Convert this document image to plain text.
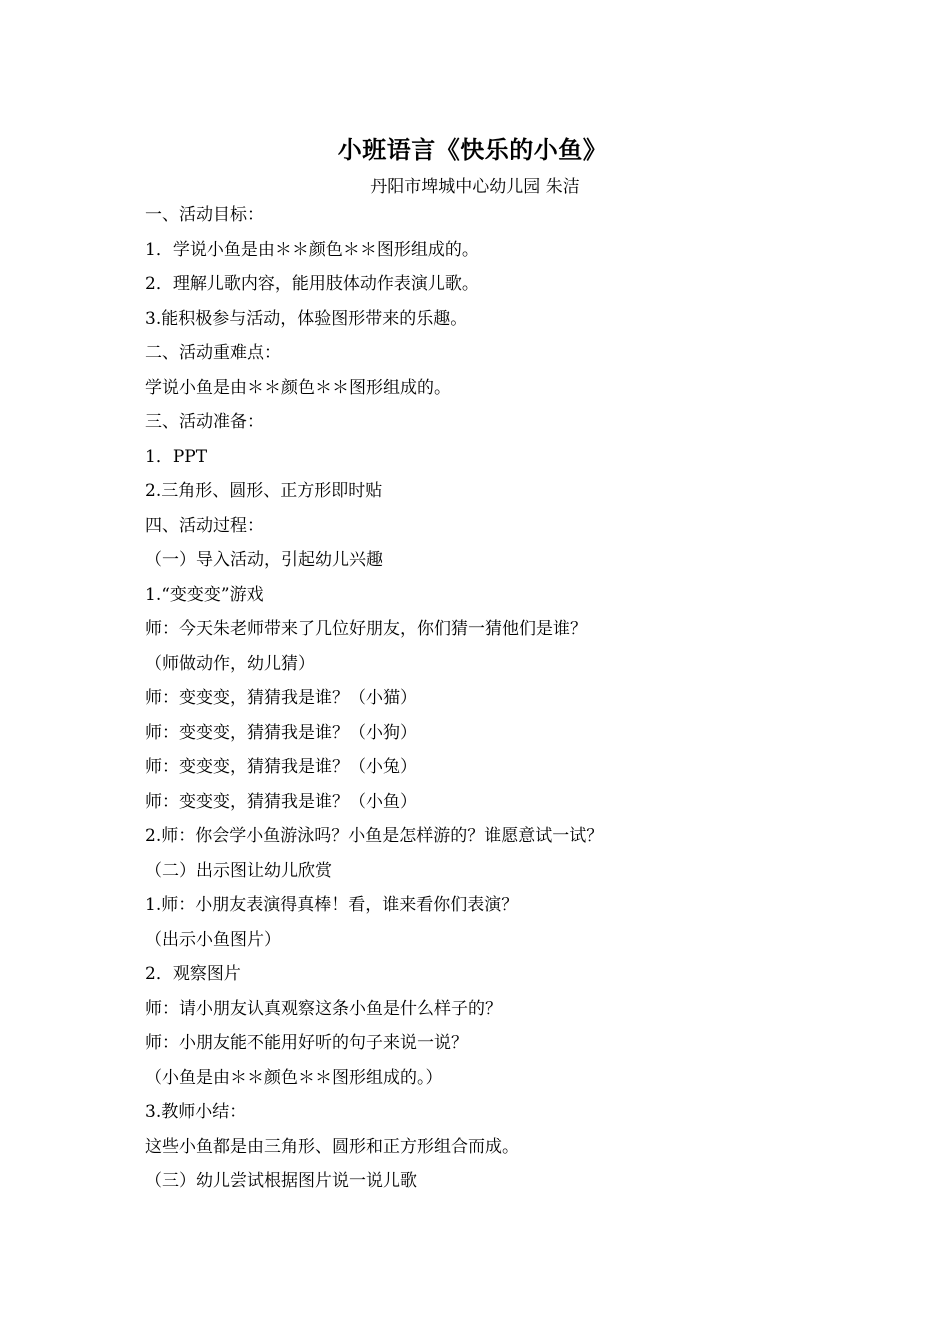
小班语言《快乐的小鱼》
丹阳市埤城中心幼儿园 朱洁
一、活动目标：
1．学说小鱼是由＊＊颜色＊＊图形组成的。
2．理解儿歌内容，能用肢体动作表演儿歌。
3.能积极参与活动，体验图形带来的乐趣。
二、活动重难点：
学说小鱼是由＊＊颜色＊＊图形组成的。
三、活动准备：
1．PPT
2.三角形、圆形、正方形即时贴
四、活动过程：
（一）导入活动，引起幼儿兴趣
1.“变变变”游戏
师：今天朱老师带来了几位好朋友，你们猜一猜他们是谁？
（师做动作，幼儿猜）
师：变变变，猜猜我是谁？（小猫）
师：变变变，猜猜我是谁？（小狗）
师：变变变，猜猜我是谁？（小兔）
师：变变变，猜猜我是谁？（小鱼）
2.师：你会学小鱼游泳吗？小鱼是怎样游的？谁愿意试一试？
（二）出示图让幼儿欣赏
1.师：小朋友表演得真棒！看，谁来看你们表演？
（出示小鱼图片）
2．观察图片
师：请小朋友认真观察这条小鱼是什么样子的？
师：小朋友能不能用好听的句子来说一说？
（小鱼是由＊＊颜色＊＊图形组成的。）
3.教师小结：
这些小鱼都是由三角形、圆形和正方形组合而成。
（三）幼儿尝试根据图片说一说儿歌
